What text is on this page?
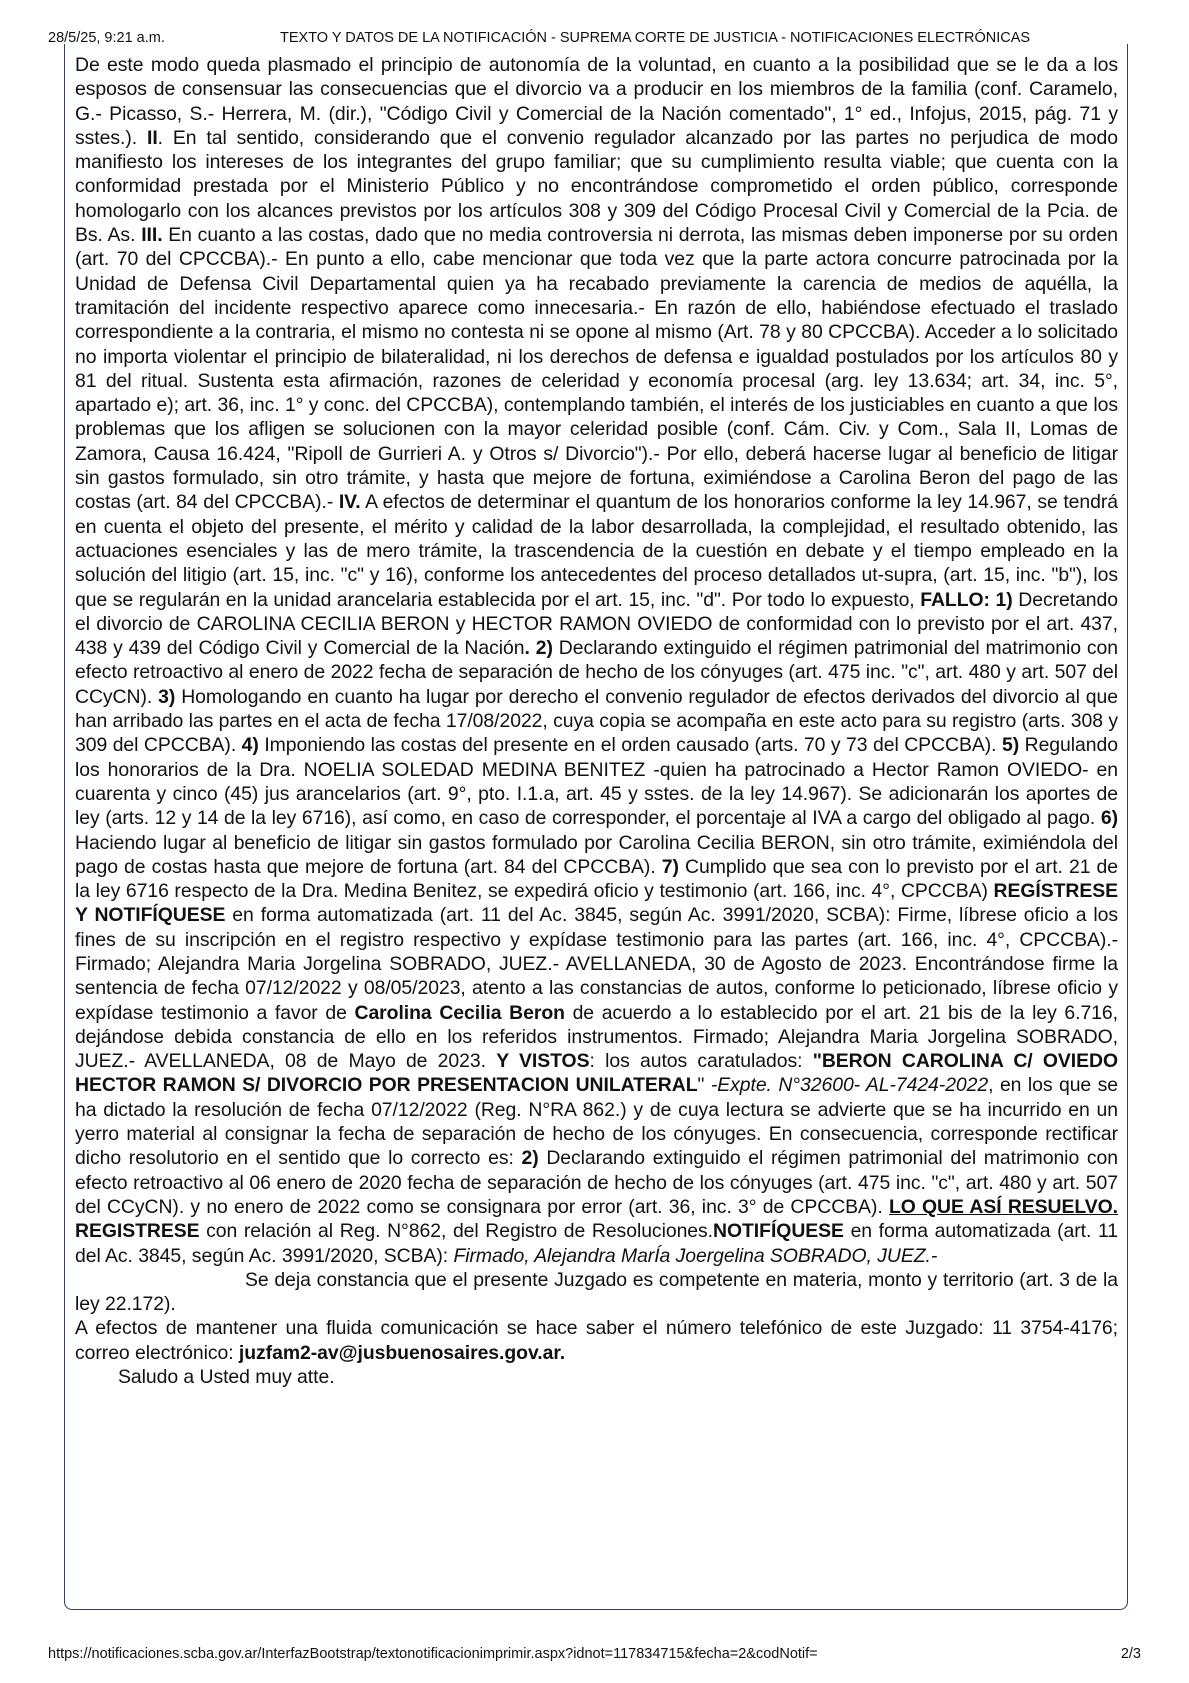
28/5/25, 9:21 a.m.	TEXTO Y DATOS DE LA NOTIFICACIÓN - SUPREMA CORTE DE JUSTICIA - NOTIFICACIONES ELECTRÓNICAS

De este modo queda plasmado el principio de autonomía de la voluntad, en cuanto a la posibilidad que se le da a los esposos de consensuar las consecuencias que el divorcio va a producir en los miembros de la familia (conf. Caramelo, G.- Picasso, S.- Herrera, M. (dir.), "Código Civil y Comercial de la Nación comentado", 1° ed., Infojus, 2015, pág. 71 y sstes.). II. En tal sentido, considerando que el convenio regulador alcanzado por las partes no perjudica de modo manifiesto los intereses de los integrantes del grupo familiar; que su cumplimiento resulta viable; que cuenta con la conformidad prestada por el Ministerio Público y no encontrándose comprometido el orden público, corresponde homologarlo con los alcances previstos por los artículos 308 y 309 del Código Procesal Civil y Comercial de la Pcia. de Bs. As. III. En cuanto a las costas, dado que no media controversia ni derrota, las mismas deben imponerse por su orden (art. 70 del CPCCBA).- En punto a ello, cabe mencionar que toda vez que la parte actora concurre patrocinada por la Unidad de Defensa Civil Departamental quien ya ha recabado previamente la carencia de medios de aquélla, la tramitación del incidente respectivo aparece como innecesaria.- En razón de ello, habiéndose efectuado el traslado correspondiente a la contraria, el mismo no contesta ni se opone al mismo (Art. 78 y 80 CPCCBA). Acceder a lo solicitado no importa violentar el principio de bilateralidad, ni los derechos de defensa e igualdad postulados por los artículos 80 y 81 del ritual. Sustenta esta afirmación, razones de celeridad y economía procesal (arg. ley 13.634; art. 34, inc. 5°, apartado e); art. 36, inc. 1° y conc. del CPCCBA), contemplando también, el interés de los justiciables en cuanto a que los problemas que los afligen se solucionen con la mayor celeridad posible (conf. Cám. Civ. y Com., Sala II, Lomas de Zamora, Causa 16.424, "Ripoll de Gurrieri A. y Otros s/ Divorcio").- Por ello, deberá hacerse lugar al beneficio de litigar sin gastos formulado, sin otro trámite, y hasta que mejore de fortuna, eximiéndose a Carolina Beron del pago de las costas (art. 84 del CPCCBA).- IV. A efectos de determinar el quantum de los honorarios conforme la ley 14.967, se tendrá en cuenta el objeto del presente, el mérito y calidad de la labor desarrollada, la complejidad, el resultado obtenido, las actuaciones esenciales y las de mero trámite, la trascendencia de la cuestión en debate y el tiempo empleado en la solución del litigio (art. 15, inc. "c" y 16), conforme los antecedentes del proceso detallados ut-supra, (art. 15, inc. "b"), los que se regularán en la unidad arancelaria establecida por el art. 15, inc. "d". Por todo lo expuesto, FALLO: 1) Decretando el divorcio de CAROLINA CECILIA BERON y HECTOR RAMON OVIEDO de conformidad con lo previsto por el art. 437, 438 y 439 del Código Civil y Comercial de la Nación. 2) Declarando extinguido el régimen patrimonial del matrimonio con efecto retroactivo al enero de 2022 fecha de separación de hecho de los cónyuges (art. 475 inc. "c", art. 480 y art. 507 del CCyCN). 3) Homologando en cuanto ha lugar por derecho el convenio regulador de efectos derivados del divorcio al que han arribado las partes en el acta de fecha 17/08/2022, cuya copia se acompaña en este acto para su registro (arts. 308 y 309 del CPCCBA). 4) Imponiendo las costas del presente en el orden causado (arts. 70 y 73 del CPCCBA). 5) Regulando los honorarios de la Dra. NOELIA SOLEDAD MEDINA BENITEZ -quien ha patrocinado a Hector Ramon OVIEDO- en cuarenta y cinco (45) jus arancelarios (art. 9°, pto. I.1.a, art. 45 y sstes. de la ley 14.967). Se adicionarán los aportes de ley (arts. 12 y 14 de la ley 6716), así como, en caso de corresponder, el porcentaje al IVA a cargo del obligado al pago. 6) Haciendo lugar al beneficio de litigar sin gastos formulado por Carolina Cecilia BERON, sin otro trámite, eximiéndola del pago de costas hasta que mejore de fortuna (art. 84 del CPCCBA). 7) Cumplido que sea con lo previsto por el art. 21 de la ley 6716 respecto de la Dra. Medina Benitez, se expedirá oficio y testimonio (art. 166, inc. 4°, CPCCBA) REGÍSTRESE Y NOTIFÍQUESE en forma automatizada (art. 11 del Ac. 3845, según Ac. 3991/2020, SCBA): Firme, líbrese oficio a los fines de su inscripción en el registro respectivo y expídase testimonio para las partes (art. 166, inc. 4°, CPCCBA).- Firmado; Alejandra Maria Jorgelina SOBRADO, JUEZ.- AVELLANEDA, 30 de Agosto de 2023. Encontrándose firme la sentencia de fecha 07/12/2022 y 08/05/2023, atento a las constancias de autos, conforme lo peticionado, líbrese oficio y expídase testimonio a favor de Carolina Cecilia Beron de acuerdo a lo establecido por el art. 21 bis de la ley 6.716, dejándose debida constancia de ello en los referidos instrumentos. Firmado; Alejandra Maria Jorgelina SOBRADO, JUEZ.- AVELLANEDA, 08 de Mayo de 2023. Y VISTOS: los autos caratulados: "BERON CAROLINA C/ OVIEDO HECTOR RAMON S/ DIVORCIO POR PRESENTACION UNILATERAL" -Expte. N°32600- AL-7424-2022, en los que se ha dictado la resolución de fecha 07/12/2022 (Reg. N°RA 862.) y de cuya lectura se advierte que se ha incurrido en un yerro material al consignar la fecha de separación de hecho de los cónyuges. En consecuencia, corresponde rectificar dicho resolutorio en el sentido que lo correcto es: 2) Declarando extinguido el régimen patrimonial del matrimonio con efecto retroactivo al 06 enero de 2020 fecha de separación de hecho de los cónyuges (art. 475 inc. "c", art. 480 y art. 507 del CCyCN). y no enero de 2022 como se consignara por error (art. 36, inc. 3° de CPCCBA). LO QUE ASÍ RESUELVO. REGISTRESE con relación al Reg. N°862, del Registro de Resoluciones.NOTIFÍQUESE en forma automatizada (art. 11 del Ac. 3845, según Ac. 3991/2020, SCBA): Firmado, Alejandra MarÍa Joergelina SOBRADO, JUEZ.-

Se deja constancia que el presente Juzgado es competente en materia, monto y territorio (art. 3 de la ley 22.172).

A efectos de mantener una fluida comunicación se hace saber el número telefónico de este Juzgado: 11 3754-4176; correo electrónico: juzfam2-av@jusbuenosaires.gov.ar.

Saludo a Usted muy atte.

https://notificaciones.scba.gov.ar/InterfazBootstrap/textonotificacionimprimir.aspx?idnot=117834715&fecha=2&codNotif=	2/3
